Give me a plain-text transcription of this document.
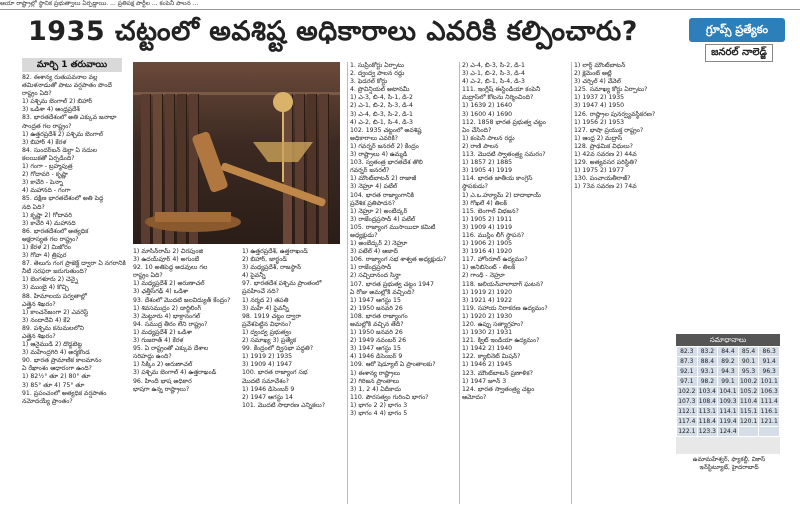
ఆయా రాష్ట్రాల్లో స్థానిక ప్రభుత్వాలు ఏర్పడ్డాయి. ... ప్రతిపక్ష పార్టీల ... కంపెనీ పాలన ...
1935 చట్టంలో అవశిష్ట అధికారాలు ఎవరికి కల్పించారు?	గ్రూప్స్ ప్రత్యేకం
జనరల్ నాలెడ్జ్
మార్చి 1 తరువాయి

82. ఈశాన్య రుతుపవనాల వల్ల

తమిళనాడుతో పాటు వర్షపాతం పొందే

రాష్ట్రం ఏది?

1) పశ్చిమ బెంగాల్ 2) బిహార్

3) ఒడిశా 4) ఆంధ్రప్రదేశ్

83. భారతదేశంలో అతి ఎక్కువ జనాభా

సాంద్రత గల రాష్ట్రం?

1) ఉత్తరప్రదేశ్ 2) పశ్చిమ బెంగాల్

3) బిహార్ 4) కేరళ

84. సుందర్‌బన్ డెల్టా ఏ నదుల

కలయికతో ఏర్పడింది?

1) గంగా - బ్రహ్మపుత్ర

2) గోదావరి - కృష్ణా

3) కావేరి - పెన్నా

4) మహానది - గంగా

85. దక్షిణ భారతదేశంలో అతి పెద్ద

నది ఏది?

1) కృష్ణా 2) గోదావరి

3) కావేరి 4) మహానది

86. భారతదేశంలో అత్యధిక

అక్షరాస్యత గల రాష్ట్రం?

1) కేరళ 2) మిజోరం

3) గోవా 4) త్రిపుర

87. తెలుగు గంగ ప్రాజెక్ట్ ద్వారా ఏ నగరానికి

నీటి సరఫరా జరుగుతుంది?

1) బెంగళూరు 2) చెన్నై

3) ముంబై 4) కొచ్చి

88. హిమాలయ పర్వతాల్లో

ఎత్తైన శిఖరం?

1) కాంచన్‌జంగా 2) ఎవరెస్ట్

3) నందాదేవి 4) కే2

89. పశ్చిమ కనుమలలోని

ఎత్తైన శిఖరం?

1) ఆనైముడి 2) దొడ్డబెట్ట

3) మహేంద్రగిరి 4) అర్మకొండ

90. భారత ప్రామాణిక కాలమానం

ఏ రేఖాంశం ఆధారంగా ఉంది?

1) 82½° తూ 2) 80° తూ

3) 85° తూ 4) 75° తూ

91. ప్రపంచంలో అత్యధిక వర్షపాతం

నమోదయ్యే ప్రాంతం?

1) మాసిన్‌రామ్ 2) చిరపుంజి

3) ఉదయ్‌పూర్ 4) అగుంబే

92. 10 అతిపెద్ద అడవులు గల

రాష్ట్రం ఏది?

1) మధ్యప్రదేశ్ 2) అరుణాచల్

3) ఛత్తీస్‌గఢ్ 4) ఒడిశా

93. దేశంలో మొదటి జలవిద్యుత్ కేంద్రం?

1) శివసముద్రం 2) డార్జిలింగ్

3) మెట్టూరు 4) భాక్రానంగల్

94. సముద్ర తీరం లేని రాష్ట్రం?

1) మధ్యప్రదేశ్ 2) ఒడిశా

3) గుజరాత్ 4) కేరళ

95. ఏ రాష్ట్రంతో ఎక్కువ దేశాల

సరిహద్దు ఉంది?

1) సిక్కిం 2) అరుణాచల్

3) పశ్చిమ బెంగాల్ 4) ఉత్తరాఖండ్

96. హిందీ భాష అధికార

భాషగా ఉన్న రాష్ట్రాలు?

1) ఉత్తరప్రదేశ్, ఉత్తరాఖండ్

2) బిహార్, జార్ఖండ్

3) మధ్యప్రదేశ్, రాజస్థాన్

4) పైవన్నీ

97. భారతదేశ పశ్చిమ ప్రాంతంలో

ప్రవహించే నది?

1) నర్మద 2) తపతి

3) మహీ 4) పైవన్నీ

98. 1919 చట్టం ద్వారా

ప్రవేశపెట్టిన విధానం?

1) ద్వంద్వ ప్రభుత్వం

2) సమాఖ్య 3) ప్రత్యేక

99. కేంద్రంలో ద్విసభా పద్ధతి?

1) 1919 2) 1935

3) 1909 4) 1947

100. భారత రాజ్యాంగ సభ

మొదటి సమావేశం?

1) 1946 డిసెంబర్ 9

2) 1947 ఆగస్టు 14

101. మొదటి సాధారణ ఎన్నికలు?

1. సుప్రీంకోర్టు ఏర్పాటు

2. ద్వంద్వ పాలన రద్దు

3. ఫెడరల్ కోర్టు

4. ప్రొవిన్షియల్ అటానమీ

1) ఎ-3, బి-4, సి-1, డి-2

2) ఎ-1, బి-2, సి-3, డి-4

3) ఎ-4, బి-3, సి-2, డి-1

4) ఎ-2, బి-1, సి-4, డి-3

102. 1935 చట్టంలో అవశిష్ట

అధికారాలు ఎవరికి?

1) గవర్నర్ జనరల్ 2) కేంద్రం

3) రాష్ట్రాలు 4) ఉమ్మడి

103. స్వతంత్ర భారతదేశ తొలి

గవర్నర్ జనరల్?

1) మౌంట్‌బాటన్ 2) రాజాజీ

3) నెహ్రూ 4) పటేల్

104. భారత రాజ్యాంగానికి

ప్రవేశిక ప్రతిపాదన?

1) నెహ్రూ 2) అంబేద్కర్

3) రాజేంద్రప్రసాద్ 4) పటేల్

105. రాజ్యాంగ ముసాయిదా కమిటీ

అధ్యక్షుడు?

1) అంబేద్కర్ 2) నెహ్రూ

3) పటేల్ 4) ఆజాద్

106. రాజ్యాంగ సభ శాశ్వత అధ్యక్షుడు?

1) రాజేంద్రప్రసాద్

2) సచ్చిదానంద సిన్హా

107. భారత ప్రభుత్వ చట్టం 1947

ఏ రోజు అమల్లోకి వచ్చింది?

1) 1947 ఆగస్టు 15

2) 1950 జనవరి 26

108. భారత రాజ్యాంగం

అమల్లోకి వచ్చిన తేదీ?

1) 1950 జనవరి 26

2) 1949 నవంబర్ 26

3) 1947 ఆగస్టు 15

4) 1946 డిసెంబర్ 9

109. ఆరో షెడ్యూల్ ఏ ప్రాంతాలకు?

1) ఈశాన్య రాష్ట్రాలు

2) గిరిజన ప్రాంతాలు

3) 1, 2 4) ఏదీకాదు

110. పౌరసత్వం గురించి భాగం?

1) భాగం 2 2) భాగం 3

3) భాగం 4 4) భాగం 5

2) ఎ-4, బి-3, సి-2, డి-1

3) ఎ-1, బి-2, సి-3, డి-4

4) ఎ-2, బి-1, సి-4, డి-3

111. ఇంగ్లీష్ ఈస్టిండియా కంపెనీ

మద్రాస్‌లో కోటను నిర్మించింది?

1) 1639 2) 1640

3) 1600 4) 1690

112. 1858 భారత ప్రభుత్వ చట్టం

ఏం చేసింది?

1) కంపెనీ పాలన రద్దు

2) రాణి పాలన

113. మొదటి స్వాతంత్ర్య సమరం?

1) 1857 2) 1885

3) 1905 4) 1919

114. భారత జాతీయ కాంగ్రెస్

స్థాపకుడు?

1) ఎ.ఒ.హ్యూమ్ 2) దాదాభాయ్

3) గోఖలే 4) తిలక్

115. బెంగాల్ విభజన?

1) 1905 2) 1911

3) 1909 4) 1919

116. ముస్లిం లీగ్ స్థాపన?

1) 1906 2) 1905

3) 1916 4) 1920

117. హోంరూల్ ఉద్యమం?

1) అనిబిసెంట్ - తిలక్

2) గాంధీ - నెహ్రూ

118. జలియన్‌వాలాబాగ్ ఘటన?

1) 1919 2) 1920

3) 1921 4) 1922

119. సహాయ నిరాకరణ ఉద్యమం?

1) 1920 2) 1930

120. ఉప్పు సత్యాగ్రహం?

1) 1930 2) 1931

121. క్విట్ ఇండియా ఉద్యమం?

1) 1942 2) 1940

122. క్యాబినెట్ మిషన్?

1) 1946 2) 1945

123. మౌంట్‌బాటన్ ప్రణాళిక?

1) 1947 జూన్ 3

124. భారత స్వాతంత్ర్య చట్టం

ఆమోదం?

1) లార్డ్ మౌంట్‌బాటన్

2) క్లెమెంట్ అట్లీ

3) చర్చిల్ 4) వేవెల్

125. సమాఖ్య కోర్టు ఏర్పాటు?

1) 1937 2) 1935

3) 1947 4) 1950

126. రాష్ట్రాల పునర్వ్యవస్థీకరణ?

1) 1956 2) 1953

127. భాషా ప్రయుక్త రాష్ట్రం?

1) ఆంధ్ర 2) మద్రాస్

128. ప్రాథమిక విధులు?

1) 42వ సవరణ 2) 44వ

129. అత్యవసర పరిస్థితి?

1) 1975 2) 1977

130. పంచాయతీరాజ్?

1) 73వ సవరణ 2) 74వ

సమాధానాలు
82.3	83.2	84.4	85.4	86.3
87.3	88.4	89.2	90.1	91.4
92.1	93.1	94.3	95.3	96.3
97.1	98.2	99.1	100.2	101.1
102.2	103.4	104.1	105.2	106.3
107.3	108.4	109.3	110.4	111.4
112.1	113.1	114.1	115.1	116.1
117.4	118.4	119.4	120.1	121.1
122.1	123.3	124.4		
ఉమామహేశ్వర్, ఫ్యాకల్టీ, వికాస్ ఇన్‌స్టిట్యూట్, హైదరాబాద్
